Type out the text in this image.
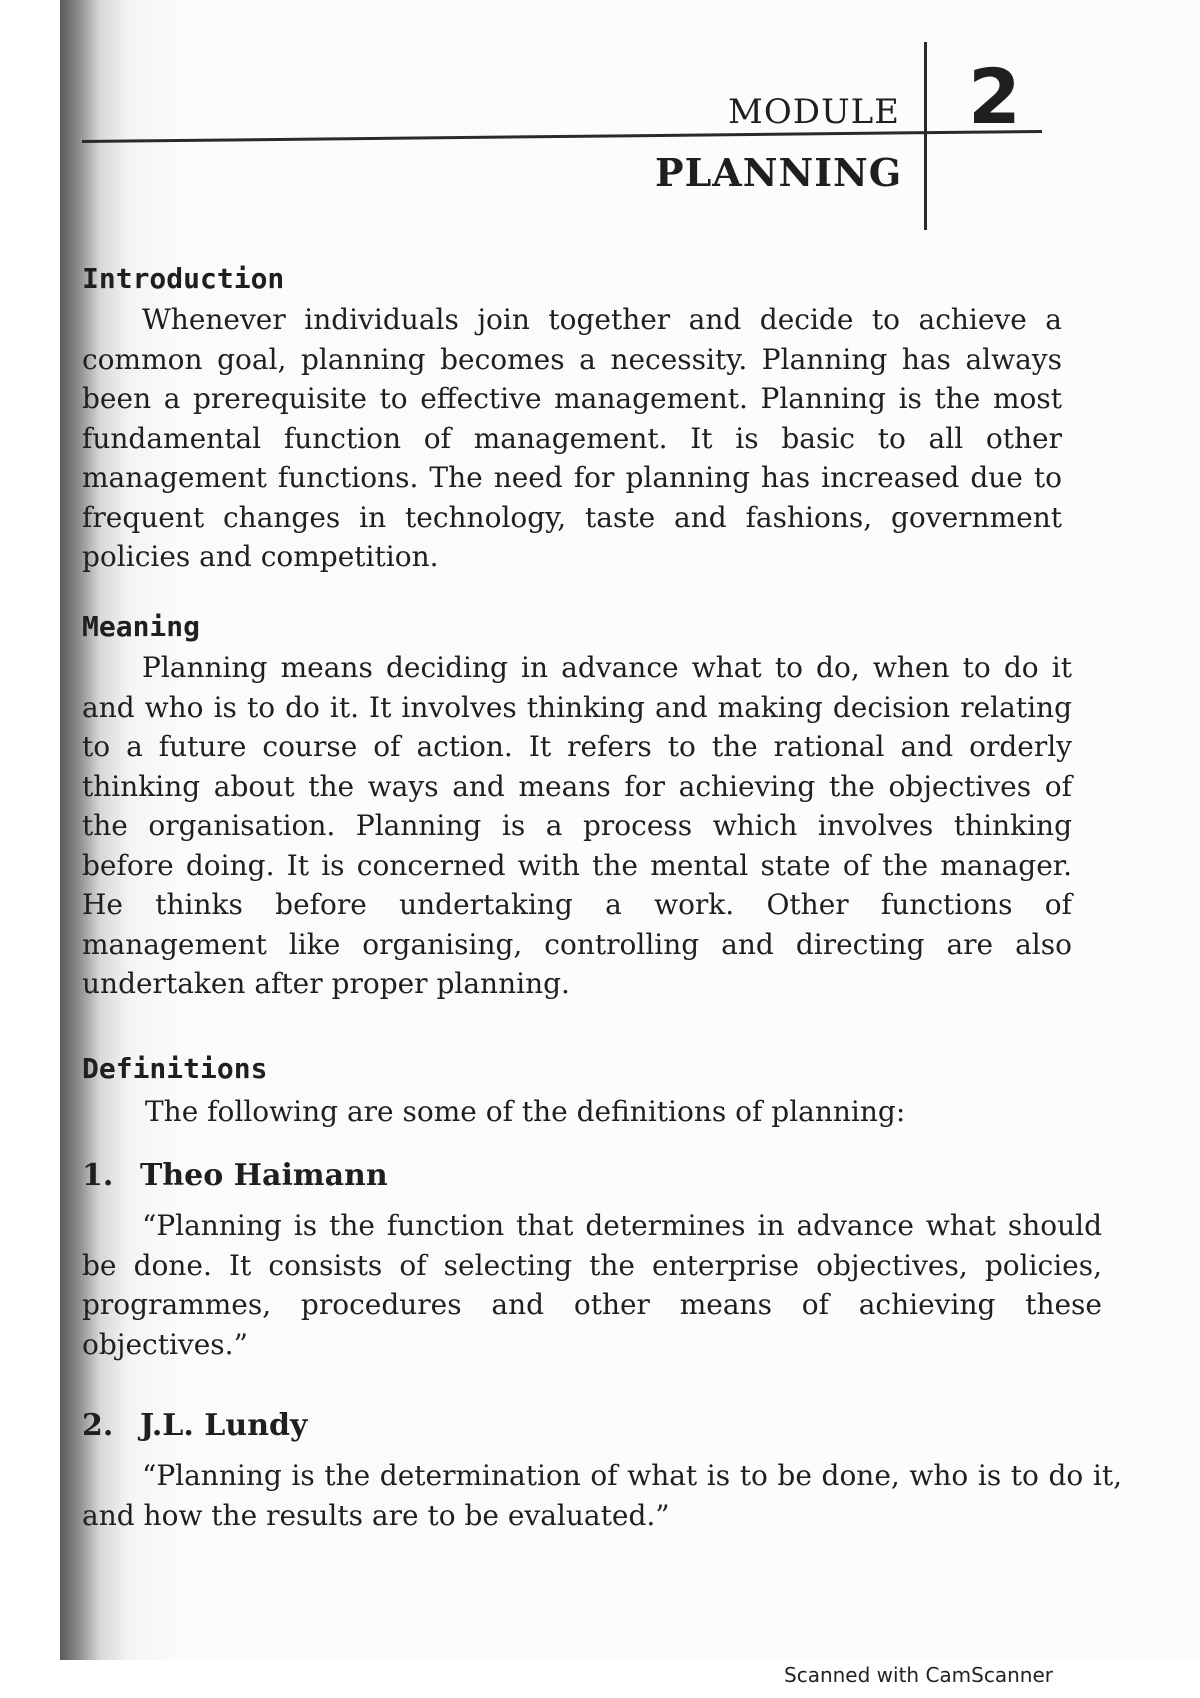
MODULE 2
PLANNING
Introduction

Whenever individuals join together and decide to achieve a common goal, planning becomes a necessity. Planning has always been a prerequisite to effective management. Planning is the most fundamental function of management. It is basic to all other management functions. The need for planning has increased due to frequent changes in technology, taste and fashions, government policies and competition.

Meaning

Planning means deciding in advance what to do, when to do it and who is to do it. It involves thinking and making decision relating to a future course of action. It refers to the rational and orderly thinking about the ways and means for achieving the objectives of the organisation. Planning is a process which involves thinking before doing. It is concerned with the mental state of the manager. He thinks before undertaking a work. Other functions of management like organising, controlling and directing are also undertaken after proper planning.

Definitions

The following are some of the definitions of planning:

1. Theo Haimann

“Planning is the function that determines in advance what should be done. It consists of selecting the enterprise objectives, policies, programmes, procedures and other means of achieving these objectives.”

2. J.L. Lundy

“Planning is the determination of what is to be done, who is to do it, and how the results are to be evaluated.”

Scanned with CamScanner
